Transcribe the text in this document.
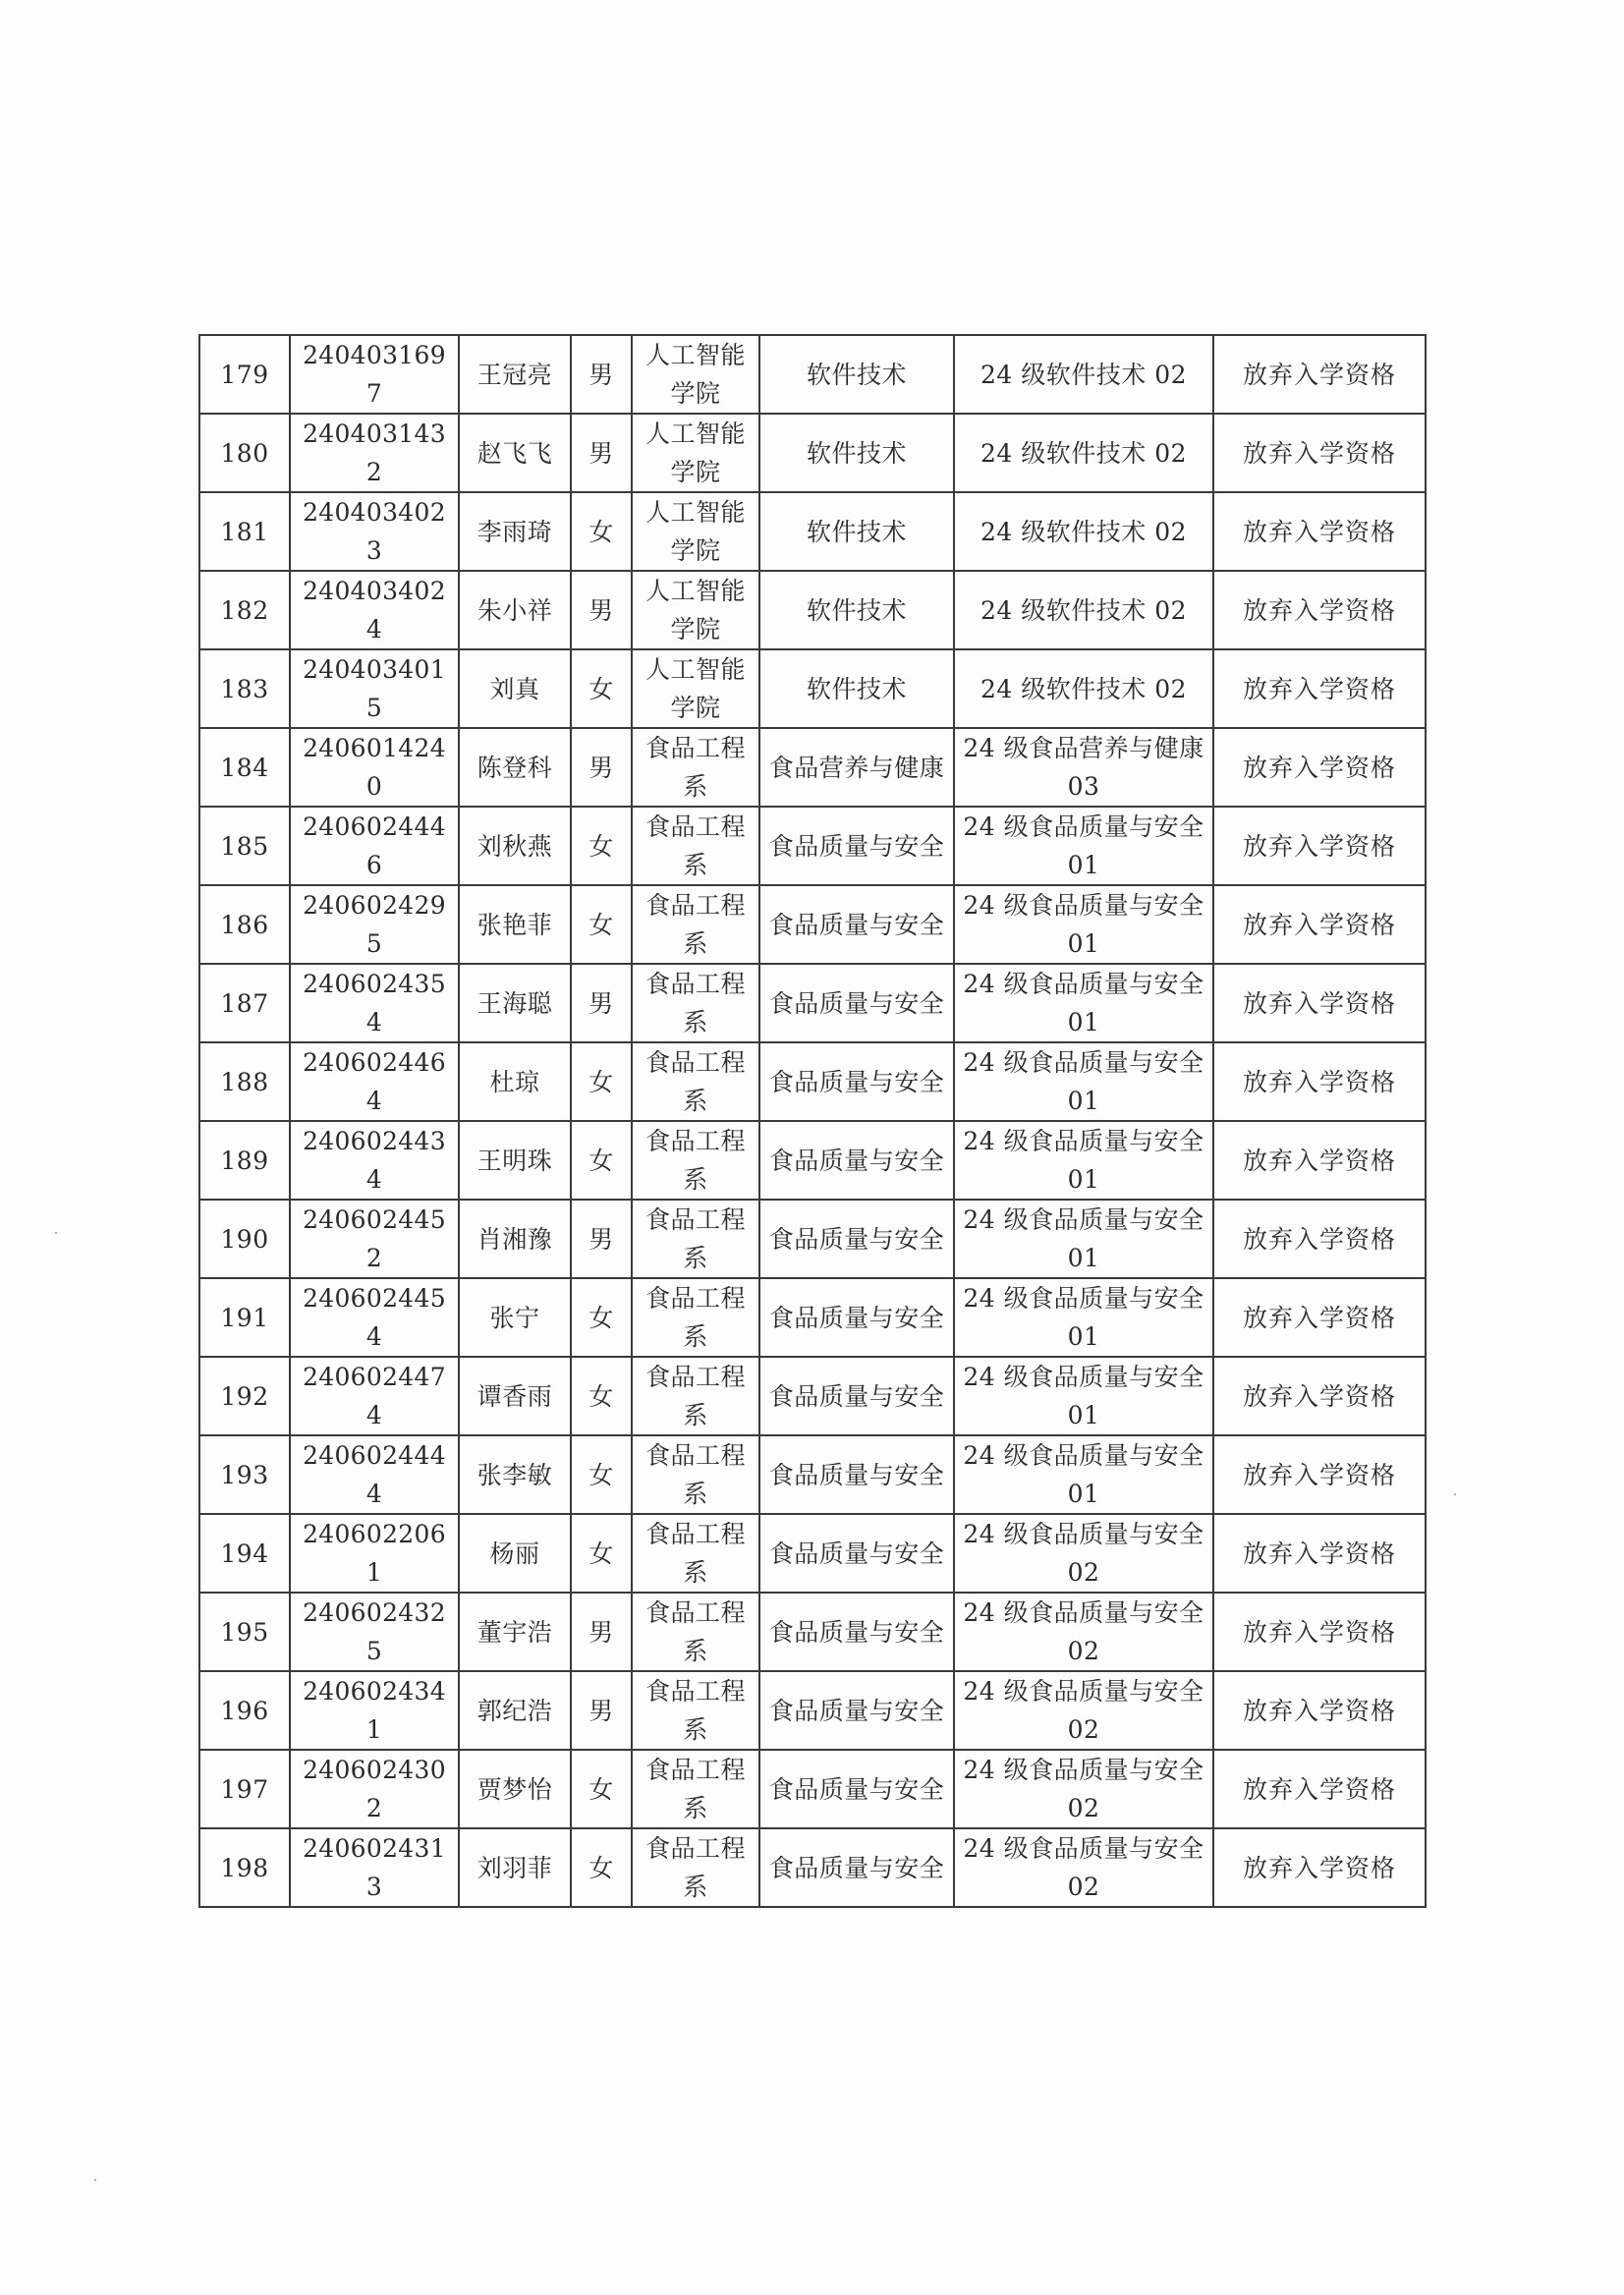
179	2404031697	王冠亮	男	人工智能学院	软件技术	24 级软件技术 02	放弃入学资格
180	2404031432	赵飞飞	男	人工智能学院	软件技术	24 级软件技术 02	放弃入学资格
181	2404034023	李雨琦	女	人工智能学院	软件技术	24 级软件技术 02	放弃入学资格
182	2404034024	朱小祥	男	人工智能学院	软件技术	24 级软件技术 02	放弃入学资格
183	2404034015	刘真	女	人工智能学院	软件技术	24 级软件技术 02	放弃入学资格
184	2406014240	陈登科	男	食品工程系	食品营养与健康	24 级食品营养与健康 03	放弃入学资格
185	2406024446	刘秋燕	女	食品工程系	食品质量与安全	24 级食品质量与安全 01	放弃入学资格
186	2406024295	张艳菲	女	食品工程系	食品质量与安全	24 级食品质量与安全 01	放弃入学资格
187	2406024354	王海聪	男	食品工程系	食品质量与安全	24 级食品质量与安全 01	放弃入学资格
188	2406024464	杜琼	女	食品工程系	食品质量与安全	24 级食品质量与安全 01	放弃入学资格
189	2406024434	王明珠	女	食品工程系	食品质量与安全	24 级食品质量与安全 01	放弃入学资格
190	2406024452	肖湘豫	男	食品工程系	食品质量与安全	24 级食品质量与安全 01	放弃入学资格
191	2406024454	张宁	女	食品工程系	食品质量与安全	24 级食品质量与安全 01	放弃入学资格
192	2406024474	谭香雨	女	食品工程系	食品质量与安全	24 级食品质量与安全 01	放弃入学资格
193	2406024444	张李敏	女	食品工程系	食品质量与安全	24 级食品质量与安全 01	放弃入学资格
194	2406022061	杨丽	女	食品工程系	食品质量与安全	24 级食品质量与安全 02	放弃入学资格
195	2406024325	董宇浩	男	食品工程系	食品质量与安全	24 级食品质量与安全 02	放弃入学资格
196	2406024341	郭纪浩	男	食品工程系	食品质量与安全	24 级食品质量与安全 02	放弃入学资格
197	2406024302	贾梦怡	女	食品工程系	食品质量与安全	24 级食品质量与安全 02	放弃入学资格
198	2406024313	刘羽菲	女	食品工程系	食品质量与安全	24 级食品质量与安全 02	放弃入学资格
